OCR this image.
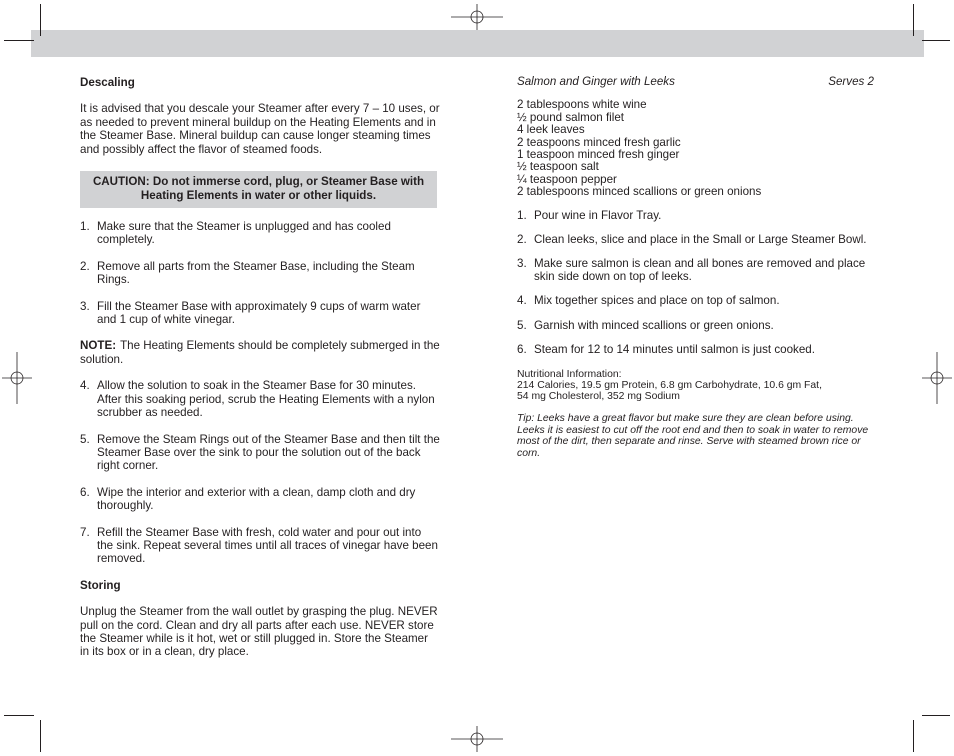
Descaling

It is advised that you descale your Steamer after every 7 – 10 uses, or as needed to prevent mineral buildup on the Heating Elements and in the Steamer Base. Mineral buildup can cause longer steaming times and possibly affect the flavor of steamed foods.

CAUTION: Do not immerse cord, plug, or Steamer Base with Heating Elements in water or other liquids.
1. Make sure that the Steamer is unplugged and has cooled completely.
2. Remove all parts from the Steamer Base, including the Steam Rings.
3. Fill the Steamer Base with approximately 9 cups of warm water and 1 cup of white vinegar.

NOTE: The Heating Elements should be completely submerged in the solution.

4. Allow the solution to soak in the Steamer Base for 30 minutes. After this soaking period, scrub the Heating Elements with a nylon scrubber as needed.
5. Remove the Steam Rings out of the Steamer Base and then tilt the Steamer Base over the sink to pour the solution out of the back right corner.
6. Wipe the interior and exterior with a clean, damp cloth and dry thoroughly.
7. Refill the Steamer Base with fresh, cold water and pour out into the sink. Repeat several times until all traces of vinegar have been removed.

Storing

Unplug the Steamer from the wall outlet by grasping the plug. NEVER pull on the cord. Clean and dry all parts after each use. NEVER store the Steamer while is it hot, wet or still plugged in. Store the Steamer in its box or in a clean, dry place.

Salmon and Ginger with Leeks	Serves 2
2 tablespoons white wine
½ pound salmon filet
4 leek leaves
2 teaspoons minced fresh garlic
1 teaspoon minced fresh ginger
½ teaspoon salt
¼ teaspoon pepper
2 tablespoons minced scallions or green onions
1. Pour wine in Flavor Tray.
2. Clean leeks, slice and place in the Small or Large Steamer Bowl.
3. Make sure salmon is clean and all bones are removed and place skin side down on top of leeks.
4. Mix together spices and place on top of salmon.
5. Garnish with minced scallions or green onions.
6. Steam for 12 to 14 minutes until salmon is just cooked.
Nutritional Information:
214 Calories, 19.5 gm Protein, 6.8 gm Carbohydrate, 10.6 gm Fat,
54 mg Cholesterol, 352 mg Sodium

Tip: Leeks have a great flavor but make sure they are clean before using. Leeks it is easiest to cut off the root end and then to soak in water to remove most of the dirt, then separate and rinse. Serve with steamed brown rice or corn.
